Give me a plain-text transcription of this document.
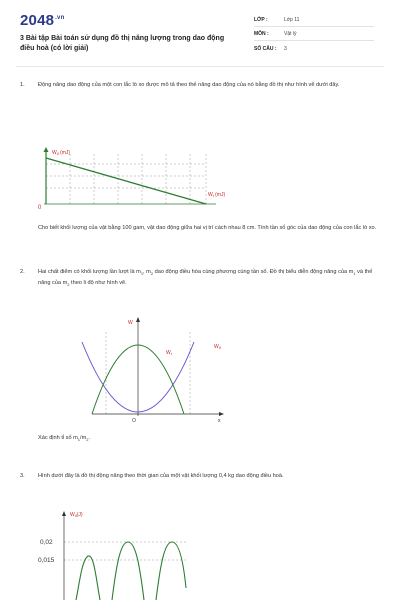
$2048^{.vn}$
3 Bài tập Bài toán sử dụng đồ thị năng lượng trong dao động điều hoà (có lời giải)
LỚP :	Lớp 11
MÔN :	Vật lý
SỐ CÂU : 3
1. Động năng dao động của một con lắc lò xo được mô tả theo thế năng dao động của nó bằng đồ thị như hình vẽ dưới đây.
$W_đ$ (mJ)
$W_t$ (mJ)
0
Cho biết khối lượng của vật bằng 100 gam, vật dao động giữa hai vị trí cách nhau 8 cm. Tính tần số góc của dao động của con lắc lò xo.
2. Hai chất điểm có khối lượng lần lượt là $m_1$, $m_2$ dao động điều hòa cùng phương cùng tần số. Đồ thị biểu diễn động năng của $m_1$ và thế năng của $m_2$ theo li độ như hình vẽ.
W
$W_t$
$W_đ$
O	x
Xác định tỉ số $m_1/m_2$.
3. Hình dưới đây là đồ thị động năng theo thời gian của một vật khối lượng 0,4 kg dao động điều hoà.
$W_đ(J)$
0,02
0,015
